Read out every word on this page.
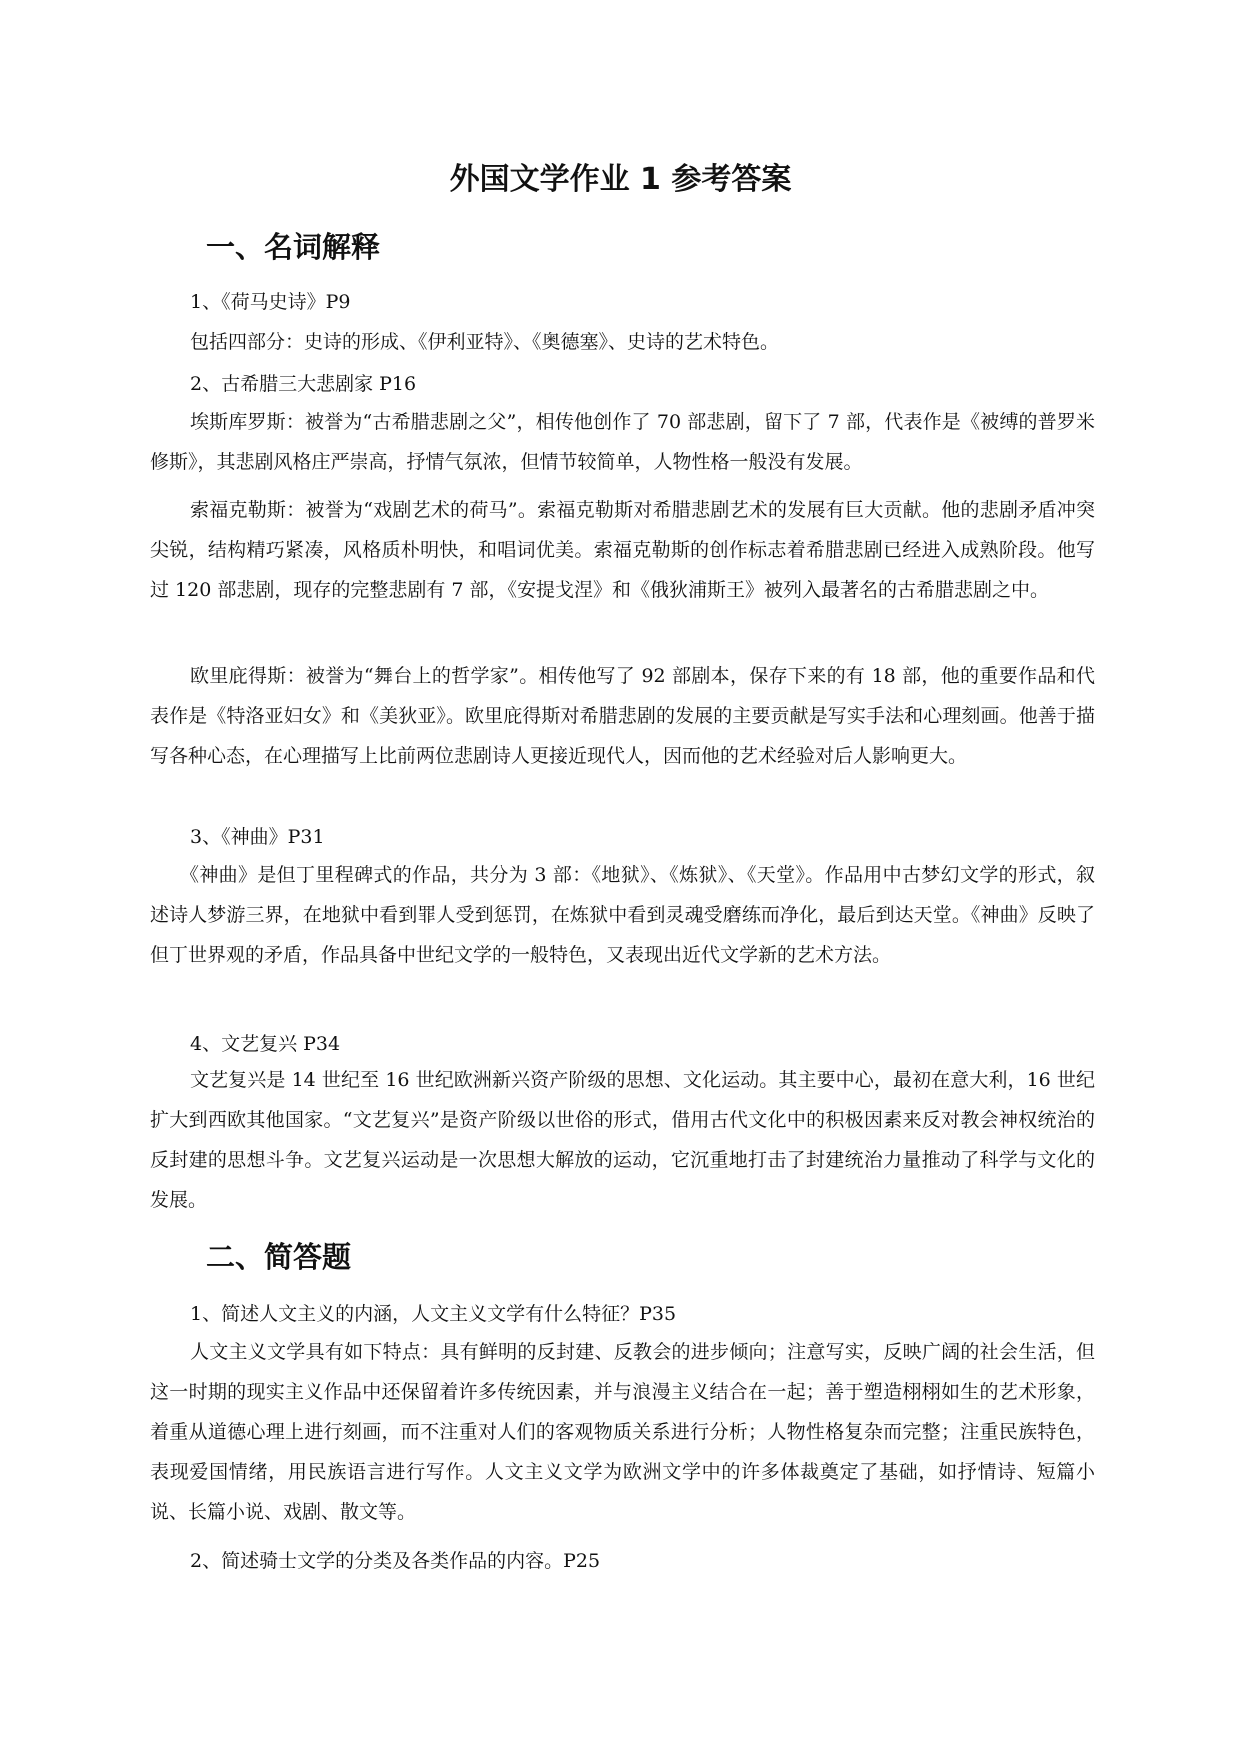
外国文学作业 1 参考答案
一、名词解释

1、《荷马史诗》P9

包括四部分：史诗的形成、《伊利亚特》、《奥德塞》、史诗的艺术特色。

2、古希腊三大悲剧家 P16

埃斯库罗斯：被誉为“古希腊悲剧之父”，相传他创作了 70 部悲剧，留下了 7 部，代表作是《被缚的普罗米修斯》，其悲剧风格庄严崇高，抒情气氛浓，但情节较简单，人物性格一般没有发展。

索福克勒斯：被誉为“戏剧艺术的荷马”。索福克勒斯对希腊悲剧艺术的发展有巨大贡献。他的悲剧矛盾冲突尖锐，结构精巧紧凑，风格质朴明快，和唱词优美。索福克勒斯的创作标志着希腊悲剧已经进入成熟阶段。他写过 120 部悲剧，现存的完整悲剧有 7 部，《安提戈涅》和《俄狄浦斯王》被列入最著名的古希腊悲剧之中。

欧里庇得斯：被誉为“舞台上的哲学家”。相传他写了 92 部剧本，保存下来的有 18 部，他的重要作品和代表作是《特洛亚妇女》和《美狄亚》。欧里庇得斯对希腊悲剧的发展的主要贡献是写实手法和心理刻画。他善于描写各种心态，在心理描写上比前两位悲剧诗人更接近现代人，因而他的艺术经验对后人影响更大。

3、《神曲》P31

《神曲》是但丁里程碑式的作品，共分为 3 部：《地狱》、《炼狱》、《天堂》。作品用中古梦幻文学的形式，叙述诗人梦游三界，在地狱中看到罪人受到惩罚，在炼狱中看到灵魂受磨练而净化，最后到达天堂。《神曲》反映了但丁世界观的矛盾，作品具备中世纪文学的一般特色，又表现出近代文学新的艺术方法。

4、文艺复兴 P34

文艺复兴是 14 世纪至 16 世纪欧洲新兴资产阶级的思想、文化运动。其主要中心，最初在意大利，16 世纪扩大到西欧其他国家。“文艺复兴”是资产阶级以世俗的形式，借用古代文化中的积极因素来反对教会神权统治的反封建的思想斗争。文艺复兴运动是一次思想大解放的运动，它沉重地打击了封建统治力量推动了科学与文化的发展。

二、简答题

1、简述人文主义的内涵，人文主义文学有什么特征？P35

人文主义文学具有如下特点：具有鲜明的反封建、反教会的进步倾向；注意写实，反映广阔的社会生活，但这一时期的现实主义作品中还保留着许多传统因素，并与浪漫主义结合在一起；善于塑造栩栩如生的艺术形象，着重从道德心理上进行刻画，而不注重对人们的客观物质关系进行分析；人物性格复杂而完整；注重民族特色，表现爱国情绪，用民族语言进行写作。人文主义文学为欧洲文学中的许多体裁奠定了基础，如抒情诗、短篇小说、长篇小说、戏剧、散文等。

2、简述骑士文学的分类及各类作品的内容。P25
